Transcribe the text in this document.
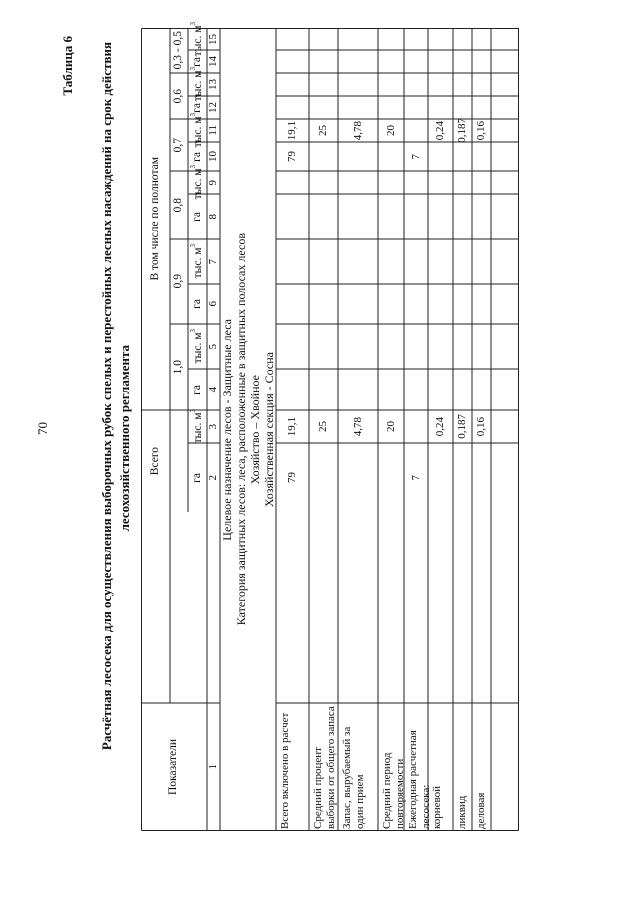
70
Таблица 6 Расчётная лесосека для осуществления выборочных рубок спелых и перестойных лесных насаждений на срок действия лесохозяйственного регламента
Показатели
Всего
В том числе по полнотам
1,0
0,9
0,8
0,7
0,6
0,3 - 0,5
га
тыс. $м^3$
га
тыс. $м^3$
га
тыс. $м^3$
га
тыс. $м^3$
га
тыс. $м^3$
га
тыс. $м^3$
га
тыс. $м^3$
1
2
3
4
5
6
7
8
9
10
11
12
13
14
15
Целевое назначение лесов - Защитные леса Категория защитных лесов: леса, расположенные в защитных полосах лесов Хозяйство – Хвойное Хозяйственная секция - Сосна
Всего включено в расчет
79
19,1
79
19,1
Средний процент выборки от общего запаса
25
25
Запас, вырубаемый за один прием
4,78
4,78
Средний период повторяемости
20
20
Ежегодная расчетная лесосека:
7
7
корневой
0,24
0,24
ликвид
0,187
0,187
деловая
0,16
0,16
